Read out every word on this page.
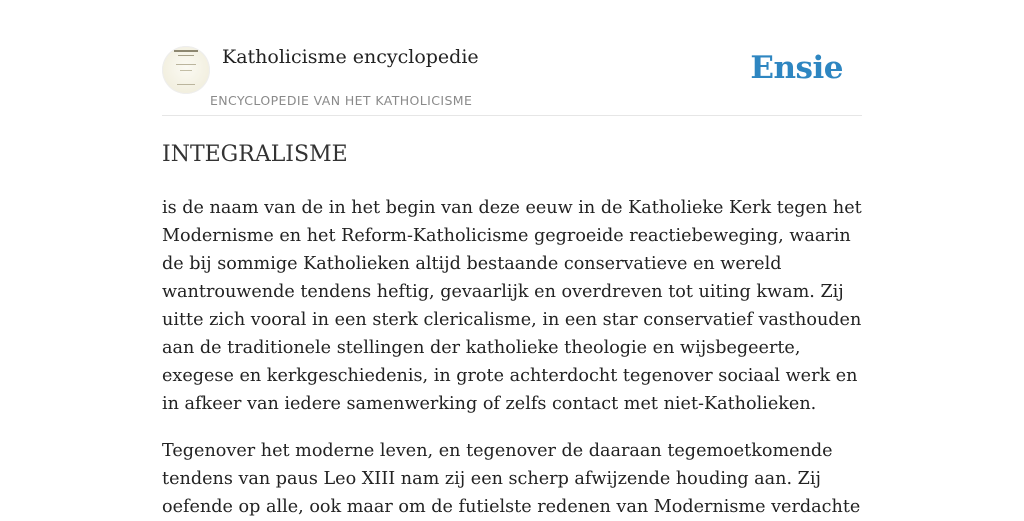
Katholicisme encyclopedie
ENCYCLOPEDIE VAN HET KATHOLICISME
Ensie
INTEGRALISME

is de naam van de in het begin van deze eeuw in de Katholieke Kerk tegen het Modernisme en het Reform-Katholicisme gegroeide reactiebeweging, waarin de bij sommige Katholieken altijd bestaande conservatieve en wereld wantrouwende tendens heftig, gevaarlijk en overdreven tot uiting kwam. Zij uitte zich vooral in een sterk clericalisme, in een star conservatief vasthouden aan de traditionele stellingen der katholieke theologie en wijsbegeerte, exegese en kerkgeschiedenis, in grote achterdocht tegenover sociaal werk en in afkeer van iedere samenwerking of zelfs contact met niet-Katholieken.

Tegenover het moderne leven, en tegenover de daaraan tegemoetkomende tendens van paus Leo XIII nam zij een scherp afwijzende houding aan. Zij oefende op alle, ook maar om de futielste redenen van Modernisme verdachte
